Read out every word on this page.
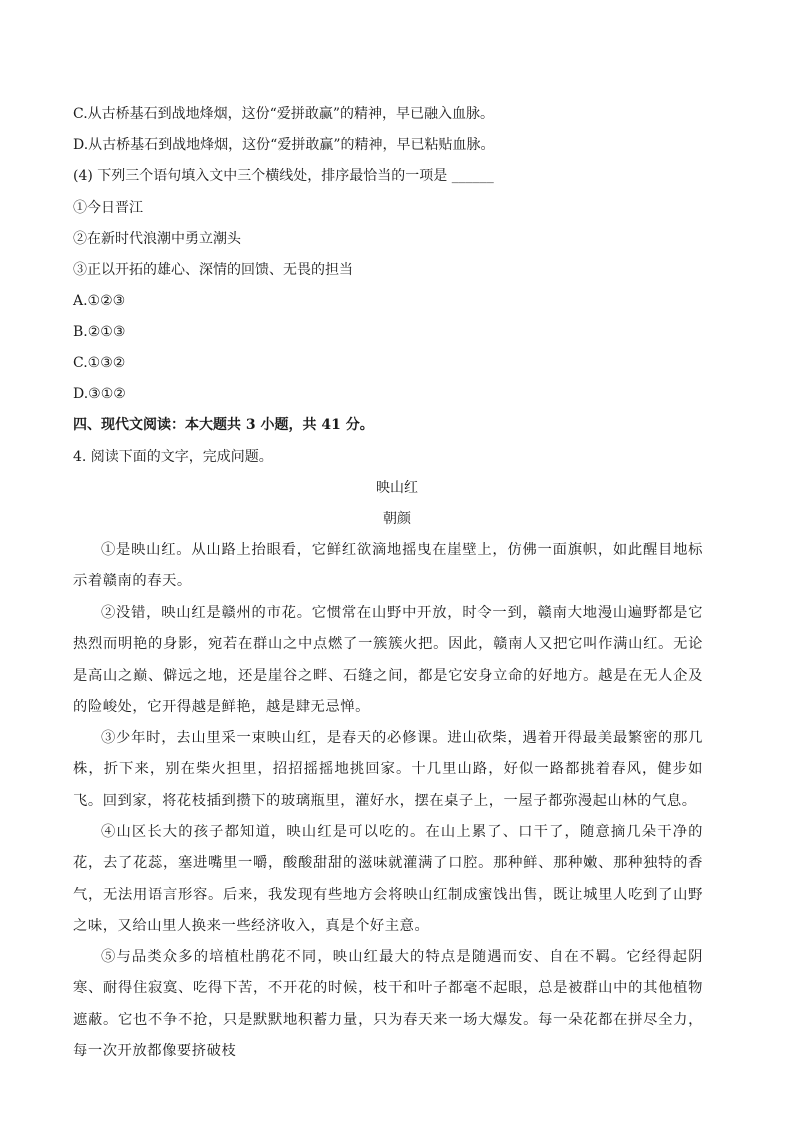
C.从古桥基石到战地烽烟，这份“爱拼敢赢”的精神，早已融入血脉。
D.从古桥基石到战地烽烟，这份“爱拼敢赢”的精神，早已粘贴血脉。
(4) 下列三个语句填入文中三个横线处，排序最恰当的一项是 ______
①今日晋江
②在新时代浪潮中勇立潮头
③正以开拓的雄心、深情的回馈、无畏的担当
A.①②③
B.②①③
C.①③②
D.③①②
四、现代文阅读：本大题共 3 小题，共 41 分。
4. 阅读下面的文字，完成问题。
映山红
朝颜
①是映山红。从山路上抬眼看，它鲜红欲滴地摇曳在崖壁上，仿佛一面旗帜，如此醒目地标示着赣南的春天。
②没错，映山红是赣州的市花。它惯常在山野中开放，时令一到，赣南大地漫山遍野都是它热烈而明艳的身影，宛若在群山之中点燃了一簇簇火把。因此，赣南人又把它叫作满山红。无论是高山之巅、僻远之地，还是崖谷之畔、石缝之间，都是它安身立命的好地方。越是在无人企及的险峻处，它开得越是鲜艳，越是肆无忌惮。
③少年时，去山里采一束映山红，是春天的必修课。进山砍柴，遇着开得最美最繁密的那几株，折下来，别在柴火担里，招招摇摇地挑回家。十几里山路，好似一路都挑着春风，健步如飞。回到家，将花枝插到攒下的玻璃瓶里，灌好水，摆在桌子上，一屋子都弥漫起山林的气息。
④山区长大的孩子都知道，映山红是可以吃的。在山上累了、口干了，随意摘几朵干净的花，去了花蕊，塞进嘴里一嚼，酸酸甜甜的滋味就灌满了口腔。那种鲜、那种嫩、那种独特的香气，无法用语言形容。后来，我发现有些地方会将映山红制成蜜饯出售，既让城里人吃到了山野之味，又给山里人换来一些经济收入，真是个好主意。
⑤与品类众多的培植杜鹃花不同，映山红最大的特点是随遇而安、自在不羁。它经得起阴寒、耐得住寂寞、吃得下苦，不开花的时候，枝干和叶子都毫不起眼，总是被群山中的其他植物遮蔽。它也不争不抢，只是默默地积蓄力量，只为春天来一场大爆发。每一朵花都在拼尽全力，每一次开放都像要挤破枝
